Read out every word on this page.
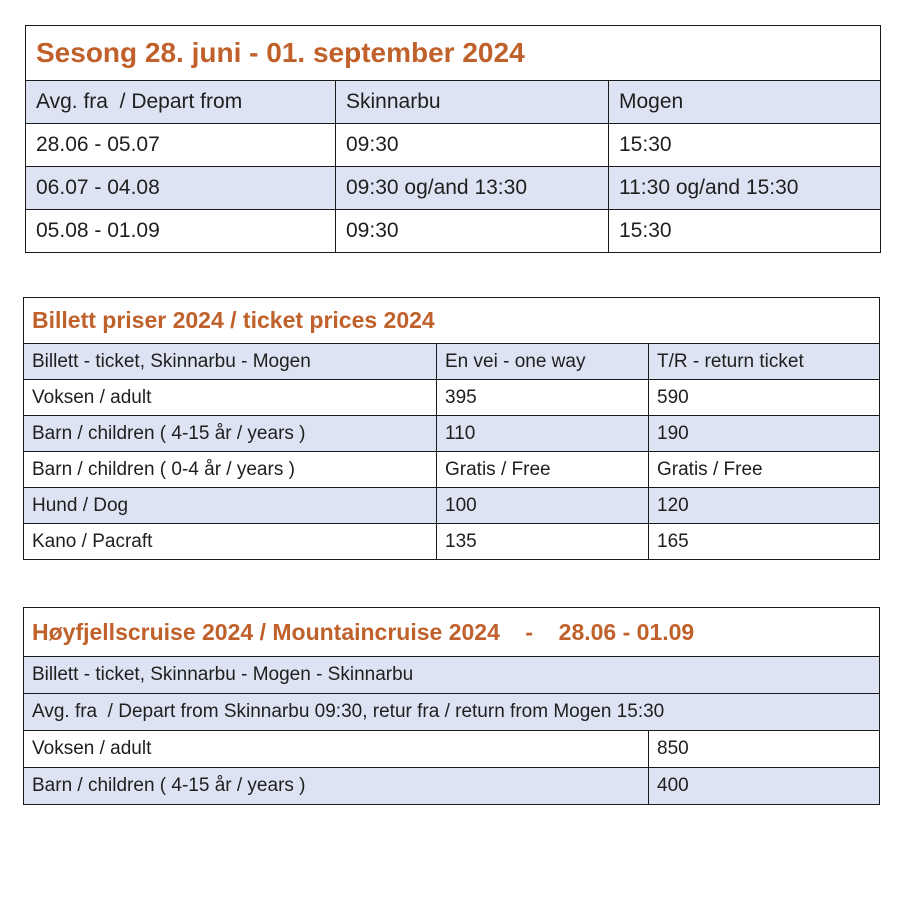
Sesong 28. juni - 01. september 2024		
Avg. fra  / Depart from	Skinnarbu	Mogen
28.06 - 05.07	09:30	15:30
06.07 - 04.08	09:30 og/and 13:30	11:30 og/and 15:30
05.08 - 01.09	09:30	15:30
Billett priser 2024 / ticket prices 2024		
Billett - ticket, Skinnarbu - Mogen	En vei - one way	T/R - return ticket
Voksen / adult	395	590
Barn / children ( 4-15 år / years )	110	190
Barn / children ( 0-4 år / years )	Gratis / Free	Gratis / Free
Hund / Dog	100	120
Kano / Pacraft	135	165
Høyfjellscruise 2024 / Mountaincruise 2024    -    28.06 - 01.09	
Billett - ticket, Skinnarbu - Mogen - Skinnarbu	
Avg. fra  / Depart from Skinnarbu 09:30, retur fra / return from Mogen 15:30	
Voksen / adult	850
Barn / children ( 4-15 år / years )	400
